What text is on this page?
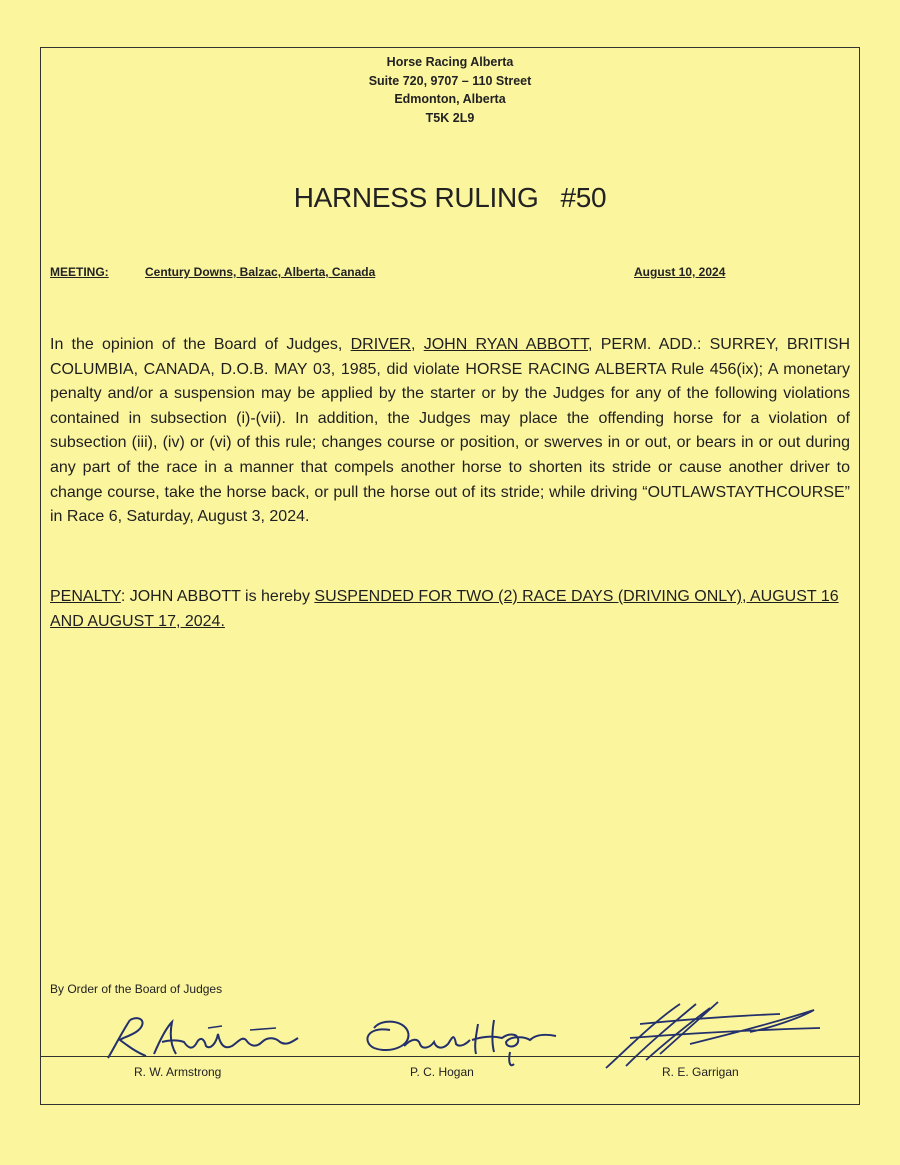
Horse Racing Alberta
Suite 720, 9707 – 110 Street
Edmonton, Alberta
T5K 2L9
HARNESS RULING #50
MEETING:	Century Downs, Balzac, Alberta, Canada	August 10, 2024
In the opinion of the Board of Judges, DRIVER, JOHN RYAN ABBOTT, PERM. ADD.: SURREY, BRITISH COLUMBIA, CANADA, D.O.B. MAY 03, 1985, did violate HORSE RACING ALBERTA Rule 456(ix); A monetary penalty and/or a suspension may be applied by the starter or by the Judges for any of the following violations contained in subsection (i)-(vii). In addition, the Judges may place the offending horse for a violation of subsection (iii), (iv) or (vi) of this rule; changes course or position, or swerves in or out, or bears in or out during any part of the race in a manner that compels another horse to shorten its stride or cause another driver to change course, take the horse back, or pull the horse out of its stride; while driving “OUTLAWSTAYTHCOURSE” in Race 6, Saturday, August 3, 2024.
PENALTY: JOHN ABBOTT is hereby SUSPENDED FOR TWO (2) RACE DAYS (DRIVING ONLY), AUGUST 16 AND AUGUST 17, 2024.
By Order of the Board of Judges
R. W. Armstrong	P. C. Hogan	R. E. Garrigan
